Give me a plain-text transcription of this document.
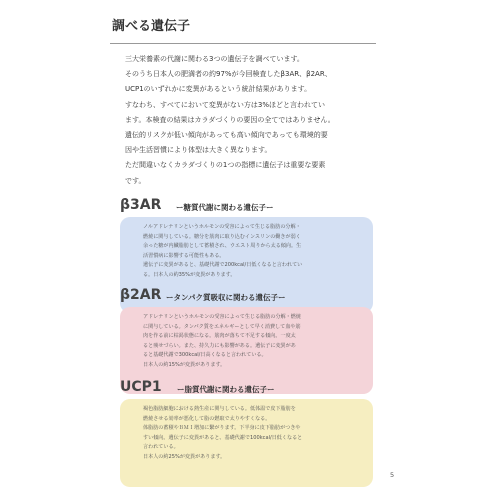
調べる遺伝子

三大栄養素の代謝に関わる3つの遺伝子を調べています。

そのうち日本人の肥満者の約97%が今回検査したβ3AR、β2AR、

UCP1のいずれかに変異があるという統計結果があります。

すなわち、すべてにおいて変異がない方は3%ほどと言われてい

ます。本検査の結果はカラダづくりの要因の全てではありません。

遺伝的リスクが低い傾向があっても高い傾向であっても環境的要

因や生活習慣により体型は大きく異なります。

ただ間違いなくカラダづくりの1つの指標に遺伝子は重要な要素

です。

β3AR ー糖質代謝に関わる遺伝子ー

ノルアドレナリンというホルモンの受容によって生じる脂肪の分解・

燃焼に関与している。糖分を筋肉に取り込むインスリンの働きが弱く

余った糖が内臓脂肪として蓄積され、ウエスト周りから太る傾向。生

活習慣病に影響する可能性もある。

遺伝子に変異があると、基礎代謝で200kcal/日低くなると言われてい

る。日本人の約35%が変異があります。

β2AR ータンパク質吸収に関わる遺伝子ー

アドレナリンというホルモンの受容によって生じる脂肪の分解・燃焼

に関与している。タンパク質をエネルギーとして早く消費して血や筋

肉を作る前に枯渇状態になる。筋肉が落ちて不足する傾向。一度太

ると痩せづらい。また、持久力にも影響がある。遺伝子に変異があ

ると基礎代謝で300kcal/日高くなると言われている。

日本人の約15%が変異があります。

UCP1 ー脂質代謝に関わる遺伝子ー

褐色脂肪細胞における熱生産に関与している。低体温で皮下脂肪を

燃焼させる効率が悪化して脂の燃取で太りやすくなる。

体脂肪の蓄積やＢＭＩ増加に繋がります。下半身に皮下脂肪がつきや

すい傾向。遺伝子に変異があると、基礎代謝で100kcal/日低くなると

言われている。

日本人の約25%が変異があります。

5
